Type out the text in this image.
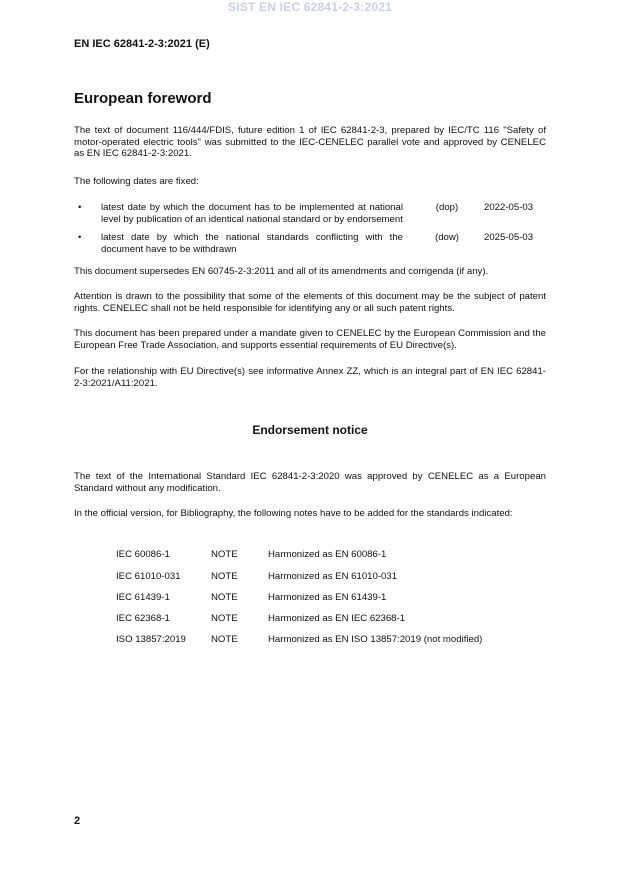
SIST EN IEC 62841-2-3:2021
EN IEC 62841-2-3:2021 (E)
European foreword

The text of document 116/444/FDIS, future edition 1 of IEC 62841-2-3, prepared by IEC/TC 116 "Safety of motor-operated electric tools" was submitted to the IEC-CENELEC parallel vote and approved by CENELEC as EN IEC 62841-2-3:2021.

The following dates are fixed:

• latest date by which the document has to be implemented at national level by publication of an identical national standard or by endorsement
(dop)	2022-05-03
• latest date by which the national standards conflicting with the document have to be withdrawn
(dow)	2025-05-03

This document supersedes EN 60745-2-3:2011 and all of its amendments and corrigenda (if any).

Attention is drawn to the possibility that some of the elements of this document may be the subject of patent rights. CENELEC shall not be held responsible for identifying any or all such patent rights.

This document has been prepared under a mandate given to CENELEC by the European Commission and the European Free Trade Association, and supports essential requirements of EU Directive(s).

For the relationship with EU Directive(s) see informative Annex ZZ, which is an integral part of EN IEC 62841-2-3:2021/A11:2021.

Endorsement notice

The text of the International Standard IEC 62841-2-3:2020 was approved by CENELEC as a European Standard without any modification.

In the official version, for Bibliography, the following notes have to be added for the standards indicated:

IEC 60086-1	NOTE	Harmonized as EN 60086-1
IEC 61010-031	NOTE	Harmonized as EN 61010-031
IEC 61439-1	NOTE	Harmonized as EN 61439-1
IEC 62368-1	NOTE	Harmonized as EN IEC 62368-1
ISO 13857:2019	NOTE	Harmonized as EN ISO 13857:2019 (not modified)
2
